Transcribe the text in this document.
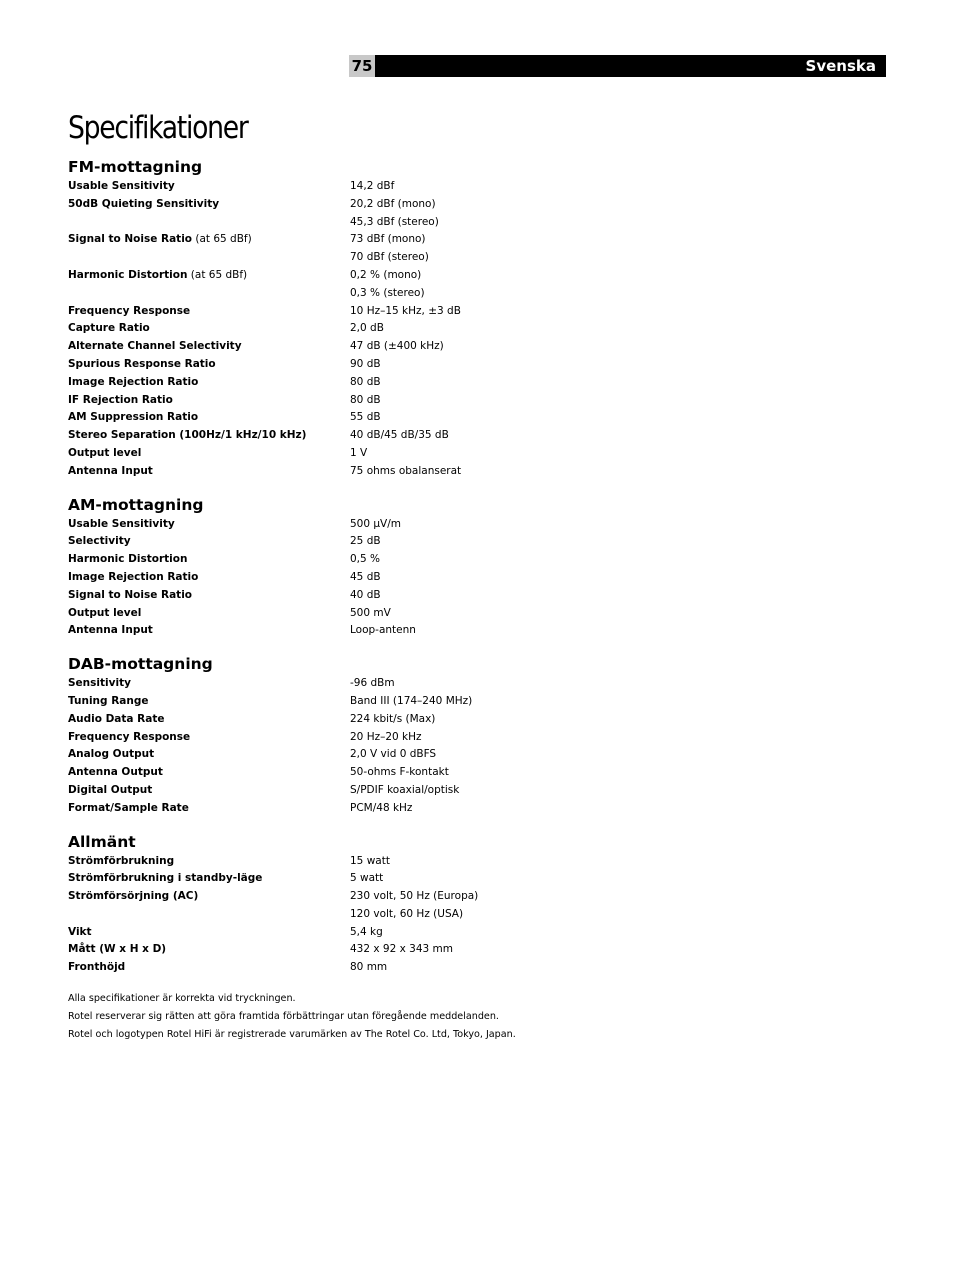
75	Svenska
Specifikationer
FM-mottagning
Usable Sensitivity	14,2 dBf
50dB Quieting Sensitivity	20,2 dBf (mono)
45,3 dBf (stereo)
Signal to Noise Ratio (at 65 dBf)	73 dBf (mono)
70 dBf (stereo)
Harmonic Distortion (at 65 dBf)	0,2 % (mono)
0,3 % (stereo)
Frequency Response	10 Hz–15 kHz, ±3 dB
Capture Ratio	2,0 dB
Alternate Channel Selectivity	47 dB (±400 kHz)
Spurious Response Ratio	90 dB
Image Rejection Ratio	80 dB
IF Rejection Ratio	80 dB
AM Suppression Ratio	55 dB
Stereo Separation (100Hz/1 kHz/10 kHz)	40 dB/45 dB/35 dB
Output level	1 V
Antenna Input	75 ohms obalanserat
AM-mottagning
Usable Sensitivity	500 µV/m
Selectivity	25 dB
Harmonic Distortion	0,5 %
Image Rejection Ratio	45 dB
Signal to Noise Ratio	40 dB
Output level	500 mV
Antenna Input	Loop-antenn
DAB-mottagning
Sensitivity	-96 dBm
Tuning Range	Band III (174–240 MHz)
Audio Data Rate	224 kbit/s (Max)
Frequency Response	20 Hz–20 kHz
Analog Output	2,0 V vid 0 dBFS
Antenna Output	50-ohms F-kontakt
Digital Output	S/PDIF koaxial/optisk
Format/Sample Rate	PCM/48 kHz
Allmänt
Strömförbrukning	15 watt
Strömförbrukning i standby-läge	5 watt
Strömförsörjning (AC)	230 volt, 50 Hz (Europa)
120 volt, 60 Hz (USA)
Vikt	5,4 kg
Mått (W x H x D)	432 x 92 x 343 mm
Fronthöjd	80 mm
Alla specifikationer är korrekta vid tryckningen.
Rotel reserverar sig rätten att göra framtida förbättringar utan föregående meddelanden.
Rotel och logotypen Rotel HiFi är registrerade varumärken av The Rotel Co. Ltd, Tokyo, Japan.
